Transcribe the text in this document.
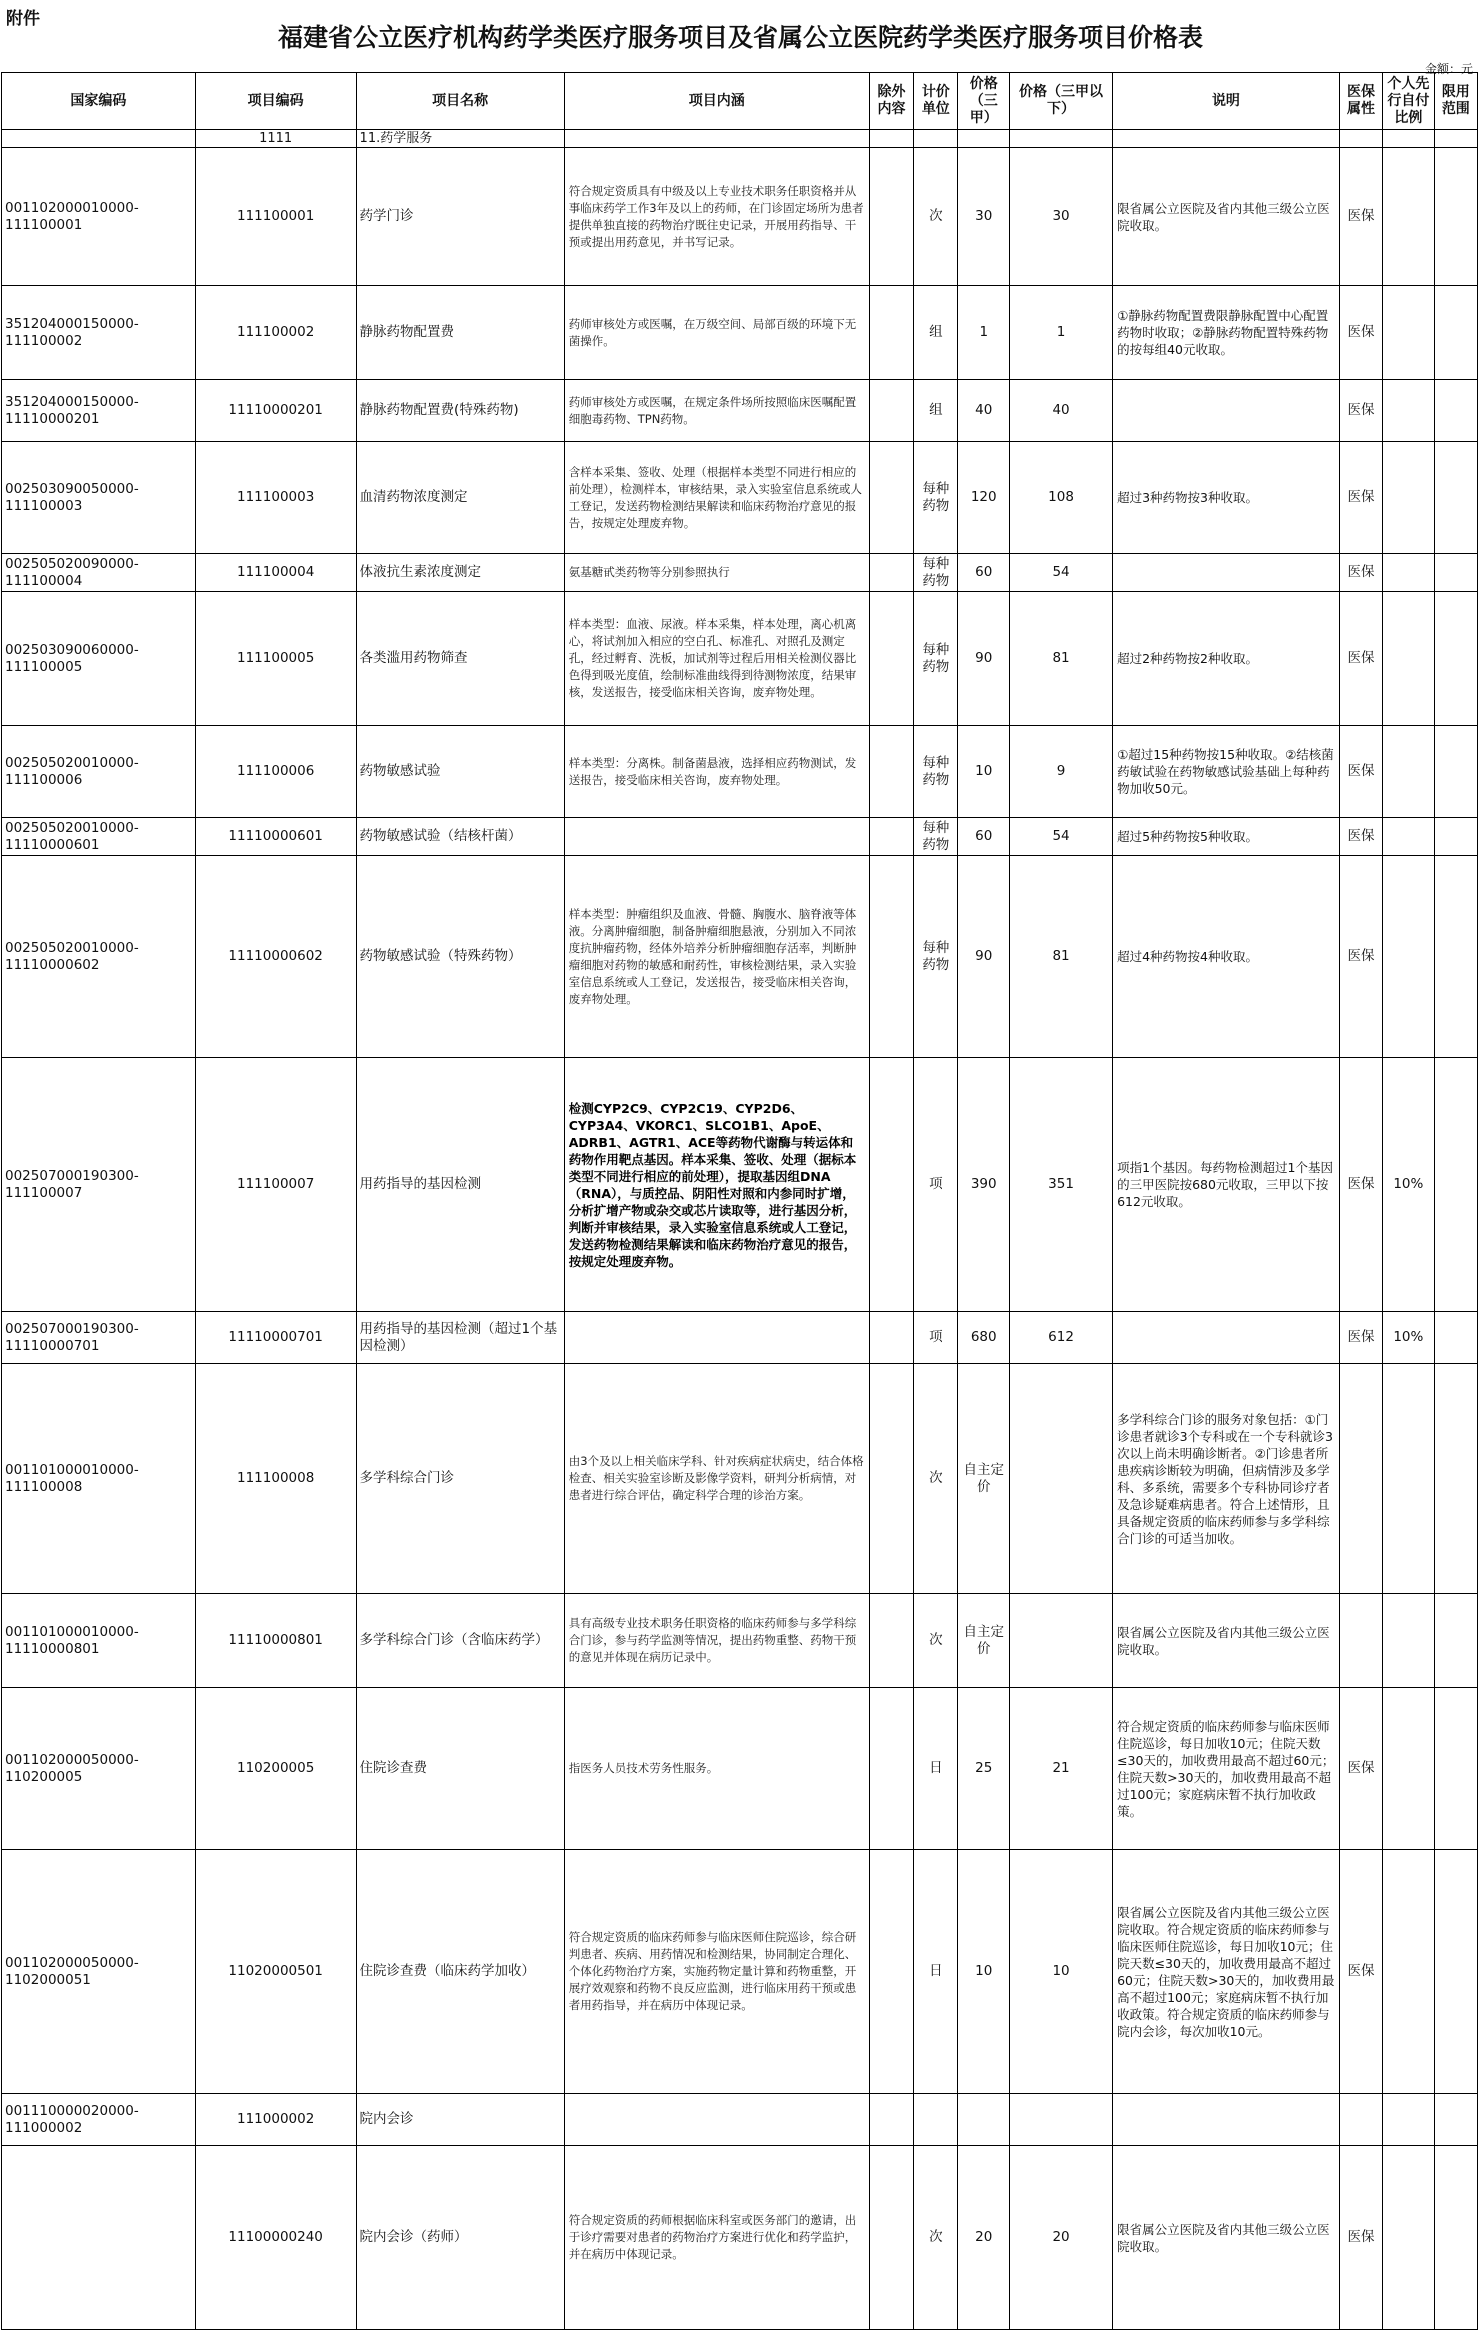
附件
福建省公立医疗机构药学类医疗服务项目及省属公立医院药学类医疗服务项目价格表
金额：元
国家编码	项目编码	项目名称	项目内涵	除外内容	计价单位	价格（三甲）	价格（三甲以下）	说明	医保属性	个人先行自付比例	限用范围
	1111	11.药学服务									
001102000010000-111100001	111100001	药学门诊	符合规定资质具有中级及以上专业技术职务任职资格并从事临床药学工作3年及以上的药师，在门诊固定场所为患者提供单独直接的药物治疗既往史记录，开展用药指导、干预或提出用药意见，并书写记录。		次	30	30	限省属公立医院及省内其他三级公立医院收取。	医保		
351204000150000-111100002	111100002	静脉药物配置费	药师审核处方或医嘱，在万级空间、局部百级的环境下无菌操作。		组	1	1	①静脉药物配置费限静脉配置中心配置药物时收取；②静脉药物配置特殊药物的按每组40元收取。	医保		
351204000150000-11110000201	11110000201	静脉药物配置费(特殊药物)	药师审核处方或医嘱，在规定条件场所按照临床医嘱配置细胞毒药物、TPN药物。		组	40	40		医保		
002503090050000-111100003	111100003	血清药物浓度测定	含样本采集、签收、处理（根据样本类型不同进行相应的前处理），检测样本，审核结果，录入实验室信息系统或人工登记，发送药物检测结果解读和临床药物治疗意见的报告，按规定处理废弃物。		每种药物	120	108	超过3种药物按3种收取。	医保		
002505020090000-111100004	111100004	体液抗生素浓度测定	氨基糖甙类药物等分别参照执行		每种药物	60	54		医保		
002503090060000-111100005	111100005	各类滥用药物筛查	样本类型：血液、尿液。样本采集，样本处理，离心机离心，将试剂加入相应的空白孔、标准孔、对照孔及测定孔，经过孵育、洗板，加试剂等过程后用相关检测仪器比色得到吸光度值，绘制标准曲线得到待测物浓度，结果审核，发送报告，接受临床相关咨询，废弃物处理。		每种药物	90	81	超过2种药物按2种收取。	医保		
002505020010000-111100006	111100006	药物敏感试验	样本类型：分离株。制备菌悬液，选择相应药物测试，发送报告，接受临床相关咨询，废弃物处理。		每种药物	10	9	①超过15种药物按15种收取。②结核菌药敏试验在药物敏感试验基础上每种药物加收50元。	医保		
002505020010000-11110000601	11110000601	药物敏感试验（结核杆菌）			每种药物	60	54	超过5种药物按5种收取。	医保		
002505020010000-11110000602	11110000602	药物敏感试验（特殊药物）	样本类型：肿瘤组织及血液、骨髓、胸腹水、脑脊液等体液。分离肿瘤细胞，制备肿瘤细胞悬液，分别加入不同浓度抗肿瘤药物，经体外培养分析肿瘤细胞存活率，判断肿瘤细胞对药物的敏感和耐药性，审核检测结果，录入实验室信息系统或人工登记，发送报告，接受临床相关咨询，废弃物处理。		每种药物	90	81	超过4种药物按4种收取。	医保		
002507000190300-111100007	111100007	用药指导的基因检测	检测CYP2C9、CYP2C19、CYP2D6、CYP3A4、VKORC1、SLCO1B1、ApoE、ADRB1、AGTR1、ACE等药物代谢酶与转运体和药物作用靶点基因。样本采集、签收、处理（据标本类型不同进行相应的前处理），提取基因组DNA（RNA），与质控品、阴阳性对照和内参同时扩增，分析扩增产物或杂交或芯片读取等，进行基因分析，判断并审核结果，录入实验室信息系统或人工登记，发送药物检测结果解读和临床药物治疗意见的报告，按规定处理废弃物。		项	390	351	项指1个基因。每药物检测超过1个基因的三甲医院按680元收取，三甲以下按612元收取。	医保	10%	
002507000190300-11110000701	11110000701	用药指导的基因检测（超过1个基因检测）			项	680	612		医保	10%	
001101000010000-111100008	111100008	多学科综合门诊	由3个及以上相关临床学科、针对疾病症状病史，结合体格检查、相关实验室诊断及影像学资料，研判分析病情，对患者进行综合评估，确定科学合理的诊治方案。		次	自主定价		多学科综合门诊的服务对象包括：①门诊患者就诊3个专科或在一个专科就诊3次以上尚未明确诊断者。②门诊患者所患疾病诊断较为明确，但病情涉及多学科、多系统，需要多个专科协同诊疗者及急诊疑难病患者。符合上述情形，且具备规定资质的临床药师参与多学科综合门诊的可适当加收。			
001101000010000-11110000801	11110000801	多学科综合门诊（含临床药学）	具有高级专业技术职务任职资格的临床药师参与多学科综合门诊，参与药学监测等情况，提出药物重整、药物干预的意见并体现在病历记录中。		次	自主定价		限省属公立医院及省内其他三级公立医院收取。			
001102000050000-110200005	110200005	住院诊查费	指医务人员技术劳务性服务。		日	25	21	符合规定资质的临床药师参与临床医师住院巡诊，每日加收10元；住院天数≤30天的，加收费用最高不超过60元；住院天数>30天的，加收费用最高不超过100元；家庭病床暂不执行加收政策。	医保		
001102000050000-1102000051	11020000501	住院诊查费（临床药学加收）	符合规定资质的临床药师参与临床医师住院巡诊，综合研判患者、疾病、用药情况和检测结果，协同制定合理化、个体化药物治疗方案，实施药物定量计算和药物重整，开展疗效观察和药物不良反应监测，进行临床用药干预或患者用药指导，并在病历中体现记录。		日	10	10	限省属公立医院及省内其他三级公立医院收取。符合规定资质的临床药师参与临床医师住院巡诊，每日加收10元；住院天数≤30天的，加收费用最高不超过60元；住院天数>30天的，加收费用最高不超过100元；家庭病床暂不执行加收政策。符合规定资质的临床药师参与院内会诊，每次加收10元。	医保		
001110000020000-111000002	111000002	院内会诊									
	11100000240	院内会诊（药师）	符合规定资质的药师根据临床科室或医务部门的邀请，出于诊疗需要对患者的药物治疗方案进行优化和药学监护，并在病历中体现记录。		次	20	20	限省属公立医院及省内其他三级公立医院收取。	医保		
